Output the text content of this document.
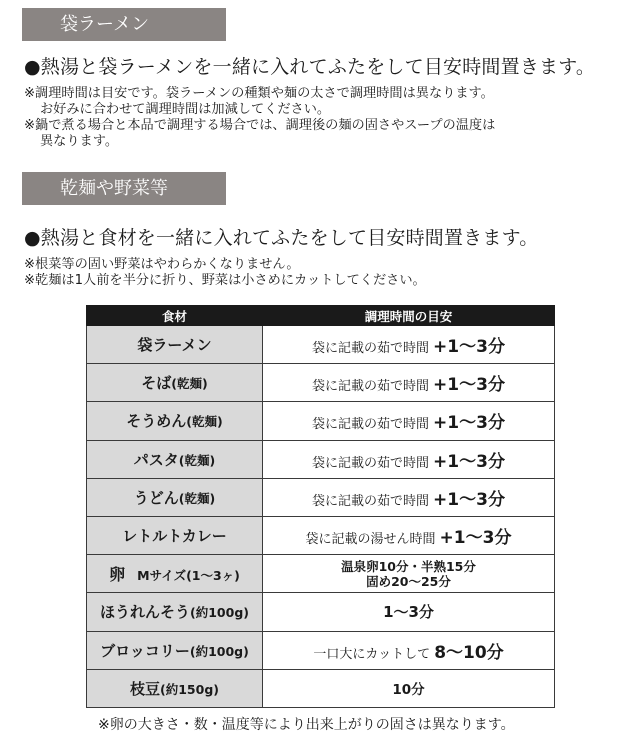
袋ラーメン
●熱湯と袋ラーメンを一緒に入れてふたをして目安時間置きます。
※調理時間は目安です。袋ラーメンの種類や麺の太さで調理時間は異なります。
お好みに合わせて調理時間は加減してください。
※鍋で煮る場合と本品で調理する場合では、調理後の麺の固さやスープの温度は
異なります。
乾麺や野菜等
●熱湯と食材を一緒に入れてふたをして目安時間置きます。
※根菜等の固い野菜はやわらかくなりません。
※乾麺は1人前を半分に折り、野菜は小さめにカットしてください。
食材	調理時間の目安
袋ラーメン	袋に記載の茹で時間 +1～3分
そば(乾麺)	袋に記載の茹で時間 +1～3分
そうめん(乾麺)	袋に記載の茹で時間 +1～3分
パスタ(乾麺)	袋に記載の茹で時間 +1～3分
うどん(乾麺)	袋に記載の茹で時間 +1～3分
レトルトカレー	袋に記載の湯せん時間 +1～3分
卵 Mサイズ(1～3ヶ)	温泉卵10分・半熟15分
固め20～25分

ほうれんそう(約100g)	1～3分
ブロッコリー(約100g)	一口大にカットして 8～10分
枝豆(約150g)	10分
※卵の大きさ・数・温度等により出来上がりの固さは異なります。
